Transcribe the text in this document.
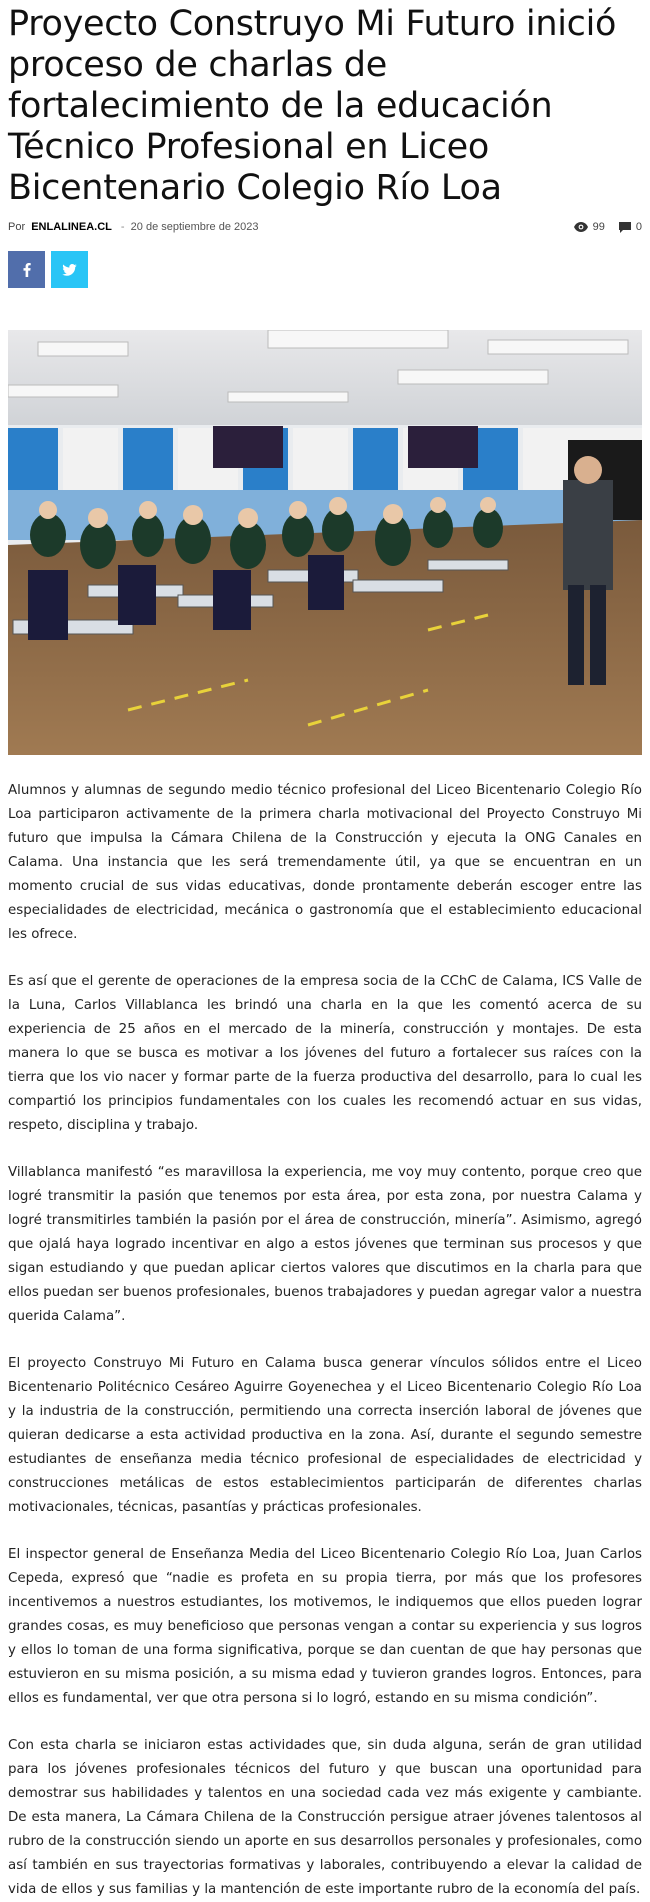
Proyecto Construyo Mi Futuro inició proceso de charlas de fortalecimiento de la educación Técnico Profesional en Liceo Bicentenario Colegio Río Loa
Por ENLALINEA.CL - 20 de septiembre de 2023	99	0

Alumnos y alumnas de segundo medio técnico profesional del Liceo Bicentenario Colegio Río Loa participaron activamente de la primera charla motivacional del Proyecto Construyo Mi futuro que impulsa la Cámara Chilena de la Construcción y ejecuta la ONG Canales en Calama. Una instancia que les será tremendamente útil, ya que se encuentran en un momento crucial de sus vidas educativas, donde prontamente deberán escoger entre las especialidades de electricidad, mecánica o gastronomía que el establecimiento educacional les ofrece.

Es así que el gerente de operaciones de la empresa socia de la CChC de Calama, ICS Valle de la Luna, Carlos Villablanca les brindó una charla en la que les comentó acerca de su experiencia de 25 años en el mercado de la minería, construcción y montajes. De esta manera lo que se busca es motivar a los jóvenes del futuro a fortalecer sus raíces con la tierra que los vio nacer y formar parte de la fuerza productiva del desarrollo, para lo cual les compartió los principios fundamentales con los cuales les recomendó actuar en sus vidas, respeto, disciplina y trabajo.

Villablanca manifestó “es maravillosa la experiencia, me voy muy contento, porque creo que logré transmitir la pasión que tenemos por esta área, por esta zona, por nuestra Calama y logré transmitirles también la pasión por el área de construcción, minería”. Asimismo, agregó que ojalá haya logrado incentivar en algo a estos jóvenes que terminan sus procesos y que sigan estudiando y que puedan aplicar ciertos valores que discutimos en la charla para que ellos puedan ser buenos profesionales, buenos trabajadores y puedan agregar valor a nuestra querida Calama”.

El proyecto Construyo Mi Futuro en Calama busca generar vínculos sólidos entre el Liceo Bicentenario Politécnico Cesáreo Aguirre Goyenechea y el Liceo Bicentenario Colegio Río Loa y la industria de la construcción, permitiendo una correcta inserción laboral de jóvenes que quieran dedicarse a esta actividad productiva en la zona. Así, durante el segundo semestre estudiantes de enseñanza media técnico profesional de especialidades de electricidad y construcciones metálicas de estos establecimientos participarán de diferentes charlas motivacionales, técnicas, pasantías y prácticas profesionales.

El inspector general de Enseñanza Media del Liceo Bicentenario Colegio Río Loa, Juan Carlos Cepeda, expresó que “nadie es profeta en su propia tierra, por más que los profesores incentivemos a nuestros estudiantes, los motivemos, le indiquemos que ellos pueden lograr grandes cosas, es muy beneficioso que personas vengan a contar su experiencia y sus logros y ellos lo toman de una forma significativa, porque se dan cuentan de que hay personas que estuvieron en su misma posición, a su misma edad y tuvieron grandes logros. Entonces, para ellos es fundamental, ver que otra persona si lo logró, estando en su misma condición”.

Con esta charla se iniciaron estas actividades que, sin duda alguna, serán de gran utilidad para los jóvenes profesionales técnicos del futuro y que buscan una oportunidad para demostrar sus habilidades y talentos en una sociedad cada vez más exigente y cambiante. De esta manera, La Cámara Chilena de la Construcción persigue atraer jóvenes talentosos al rubro de la construcción siendo un aporte en sus desarrollos personales y profesionales, como así también en sus trayectorias formativas y laborales, contribuyendo a elevar la calidad de vida de ellos y sus familias y la mantención de este importante rubro de la economía del país.
